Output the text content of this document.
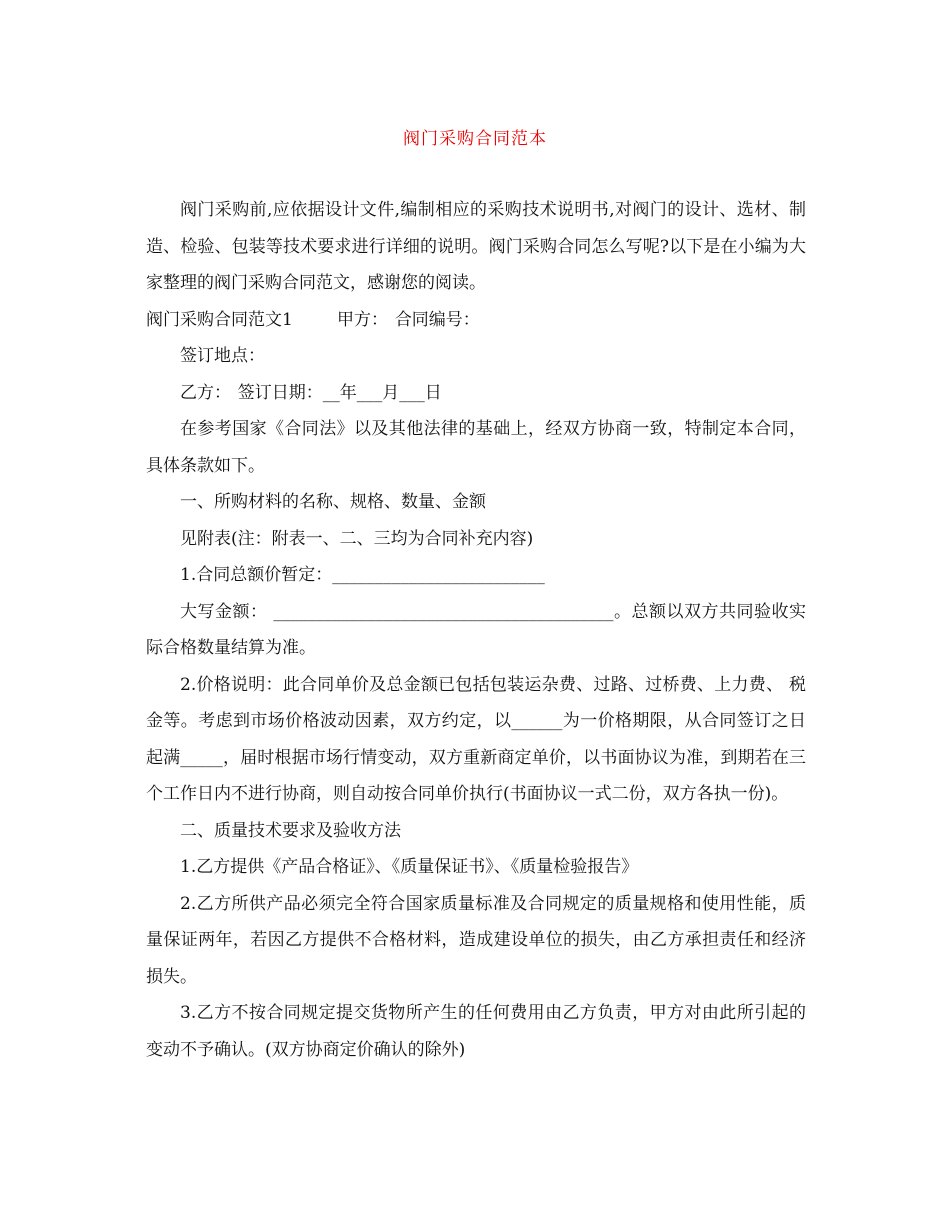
阀门采购合同范本

阀门采购前,应依据设计文件,编制相应的采购技术说明书,对阀门的设计、选材、制造、检验、包装等技术要求进行详细的说明。阀门采购合同怎么写呢?以下是在小编为大家整理的阀门采购合同范文，感谢您的阅读。

阀门采购合同范文1	甲方： 合同编号：

签订地点：

乙方： 签订日期：__年___月___日

在参考国家《合同法》以及其他法律的基础上，经双方协商一致，特制定本合同，具体条款如下。

一、所购材料的名称、规格、数量、金额

见附表(注：附表一、二、三均为合同补充内容)

1.合同总额价暂定：_________________________

大写金额： ________________________________________。总额以双方共同验收实际合格数量结算为准。

2.价格说明：此合同单价及总金额已包括包装运杂费、过路、过桥费、上力费、 税金等。考虑到市场价格波动因素，双方约定，以______为一价格期限，从合同签订之日起满_____，届时根据市场行情变动，双方重新商定单价，以书面协议为准，到期若在三个工作日内不进行协商，则自动按合同单价执行(书面协议一式二份，双方各执一份)。

二、质量技术要求及验收方法

1.乙方提供《产品合格证》、《质量保证书》、《质量检验报告》

2.乙方所供产品必须完全符合国家质量标准及合同规定的质量规格和使用性能，质量保证两年，若因乙方提供不合格材料，造成建设单位的损失，由乙方承担责任和经济损失。

3.乙方不按合同规定提交货物所产生的任何费用由乙方负责，甲方对由此所引起的变动不予确认。(双方协商定价确认的除外)
